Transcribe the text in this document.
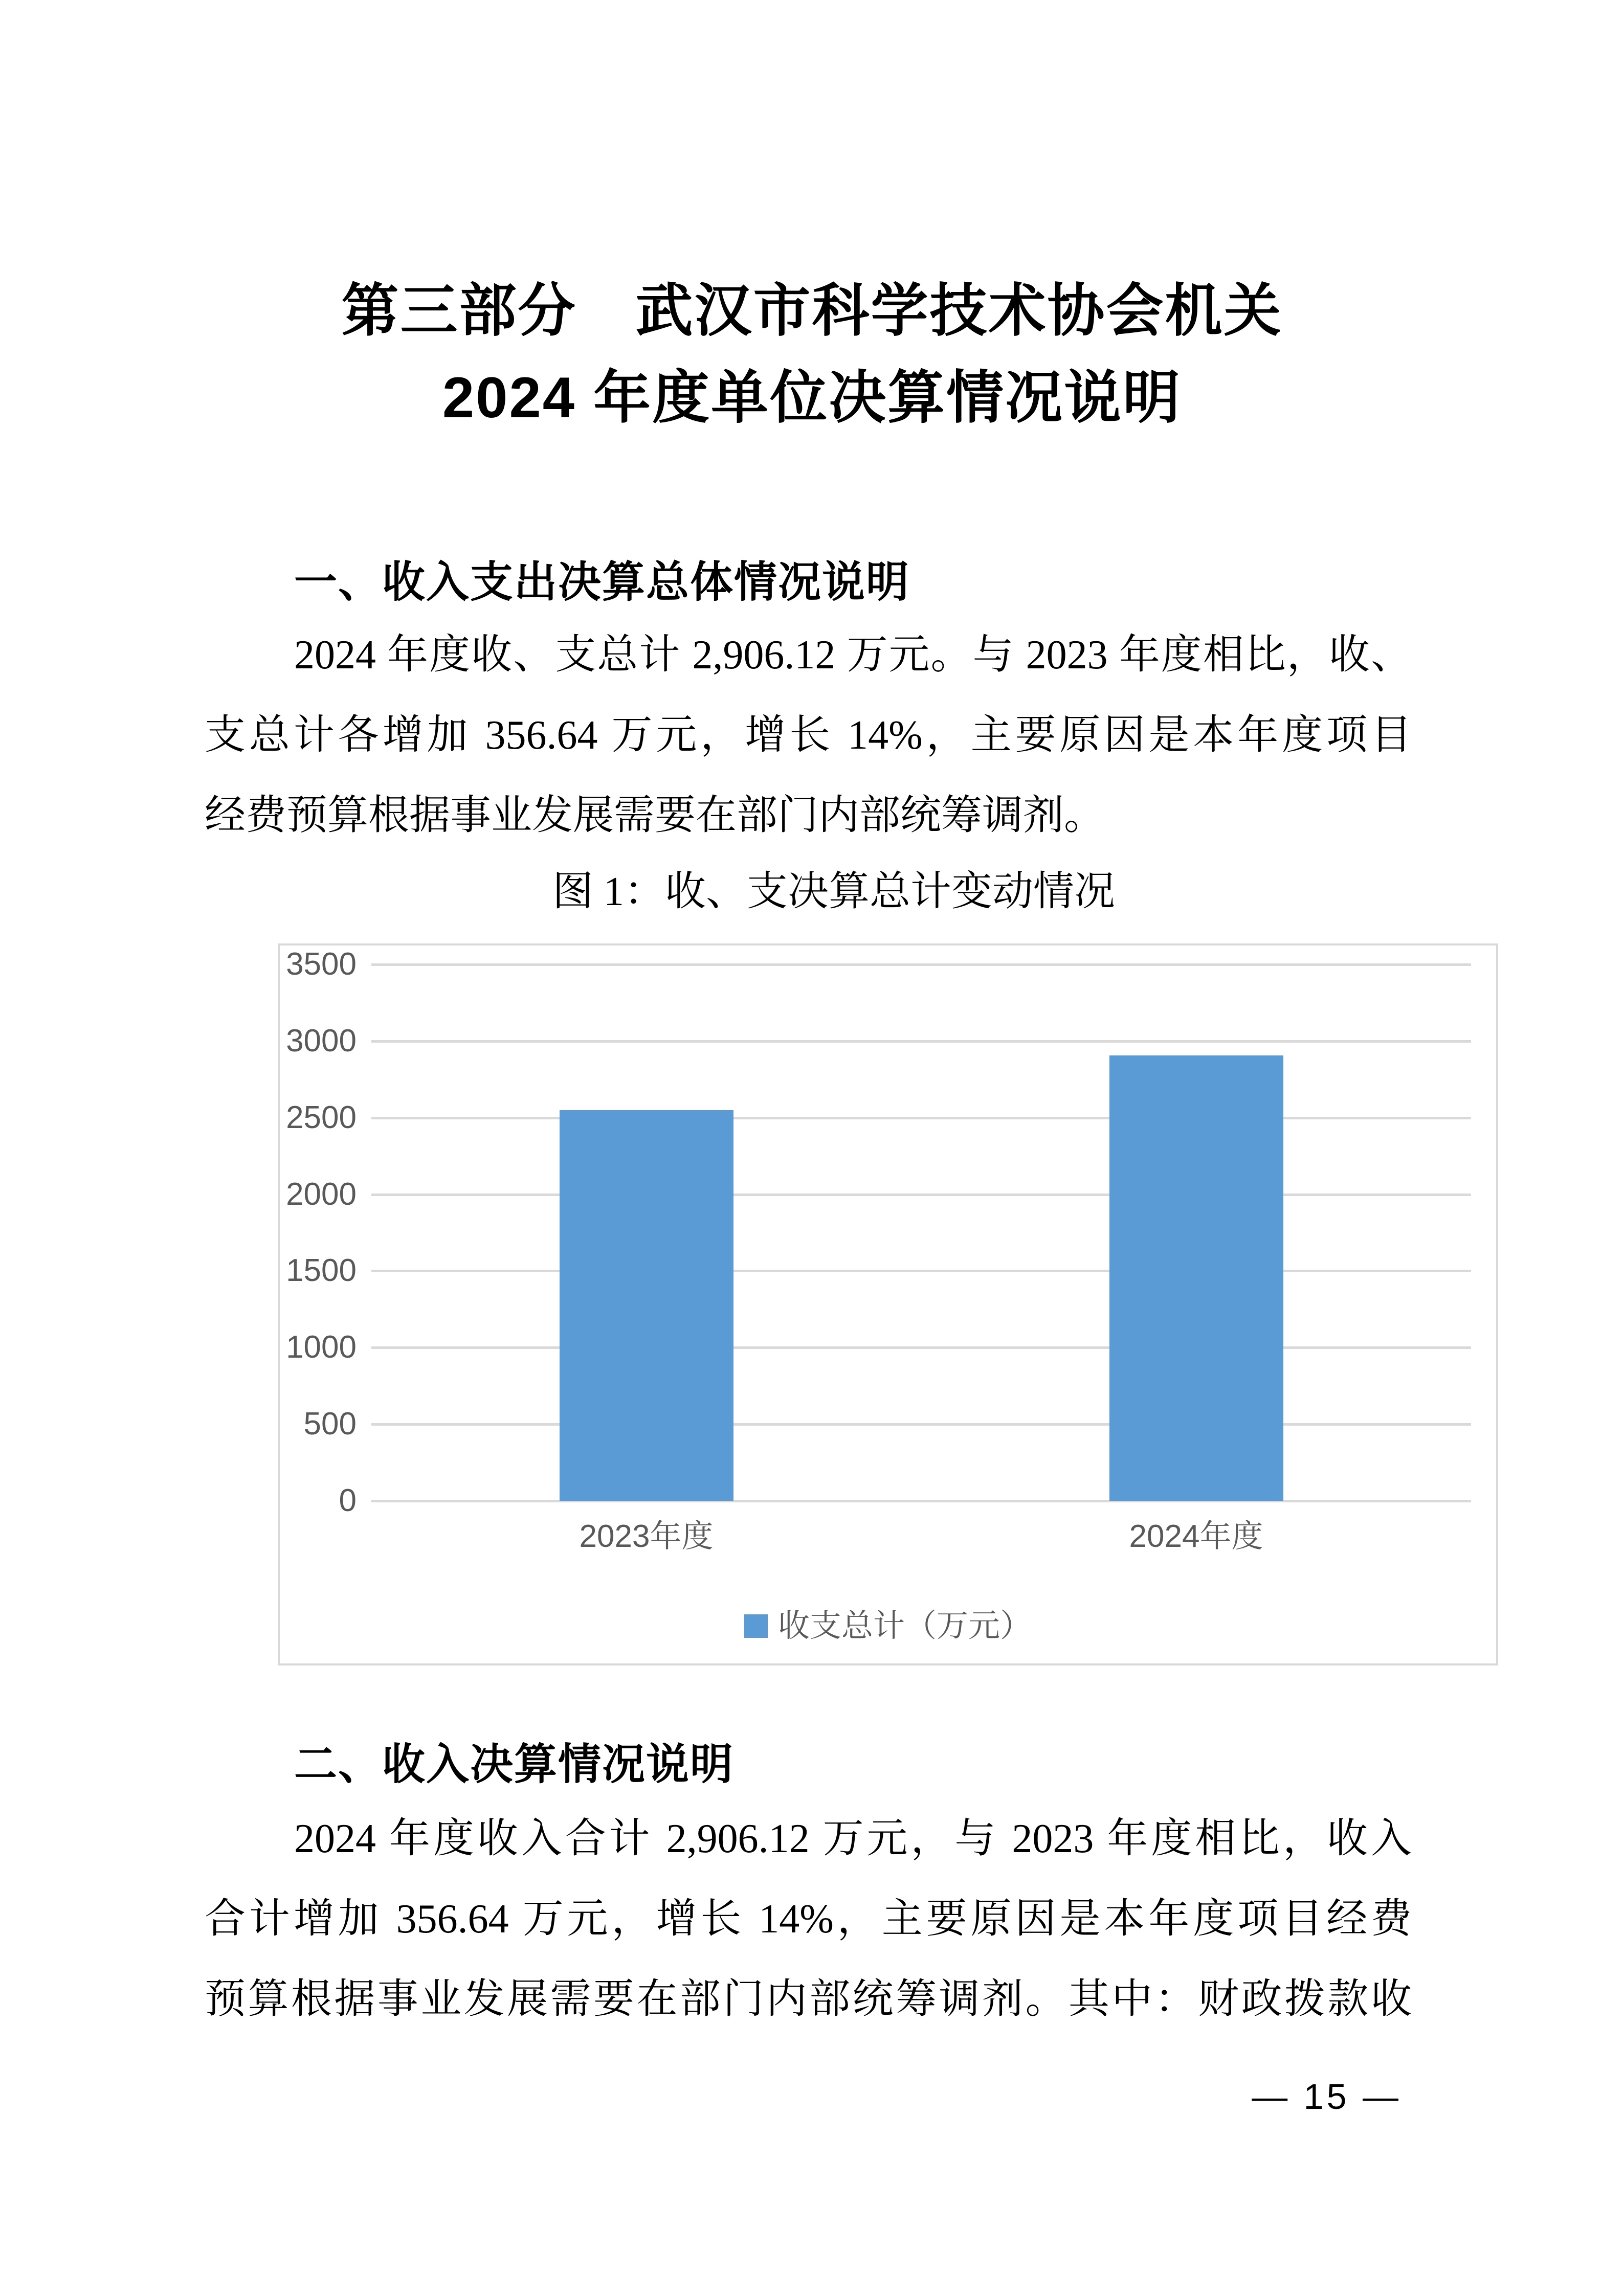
第三部分　武汉市科学技术协会机关
2024 年度单位决算情况说明
一、收入支出决算总体情况说明
2024 年度收、支总计 2,906.12 万元。与 2023 年度相比，收、
支总计各增加 356.64 万元，增长 14%，主要原因是本年度项目
经费预算根据事业发展需要在部门内部统筹调剂。
图 1：收、支决算总计变动情况
3500
3000
2500
2000
1500
1000
500
0
2023年度	2024年度
收支总计（万元）
二、收入决算情况说明
2024 年度收入合计 2,906.12 万元，与 2023 年度相比，收入
合计增加 356.64 万元，增长 14%，主要原因是本年度项目经费
预算根据事业发展需要在部门内部统筹调剂。其中：财政拨款收
— 15 —
